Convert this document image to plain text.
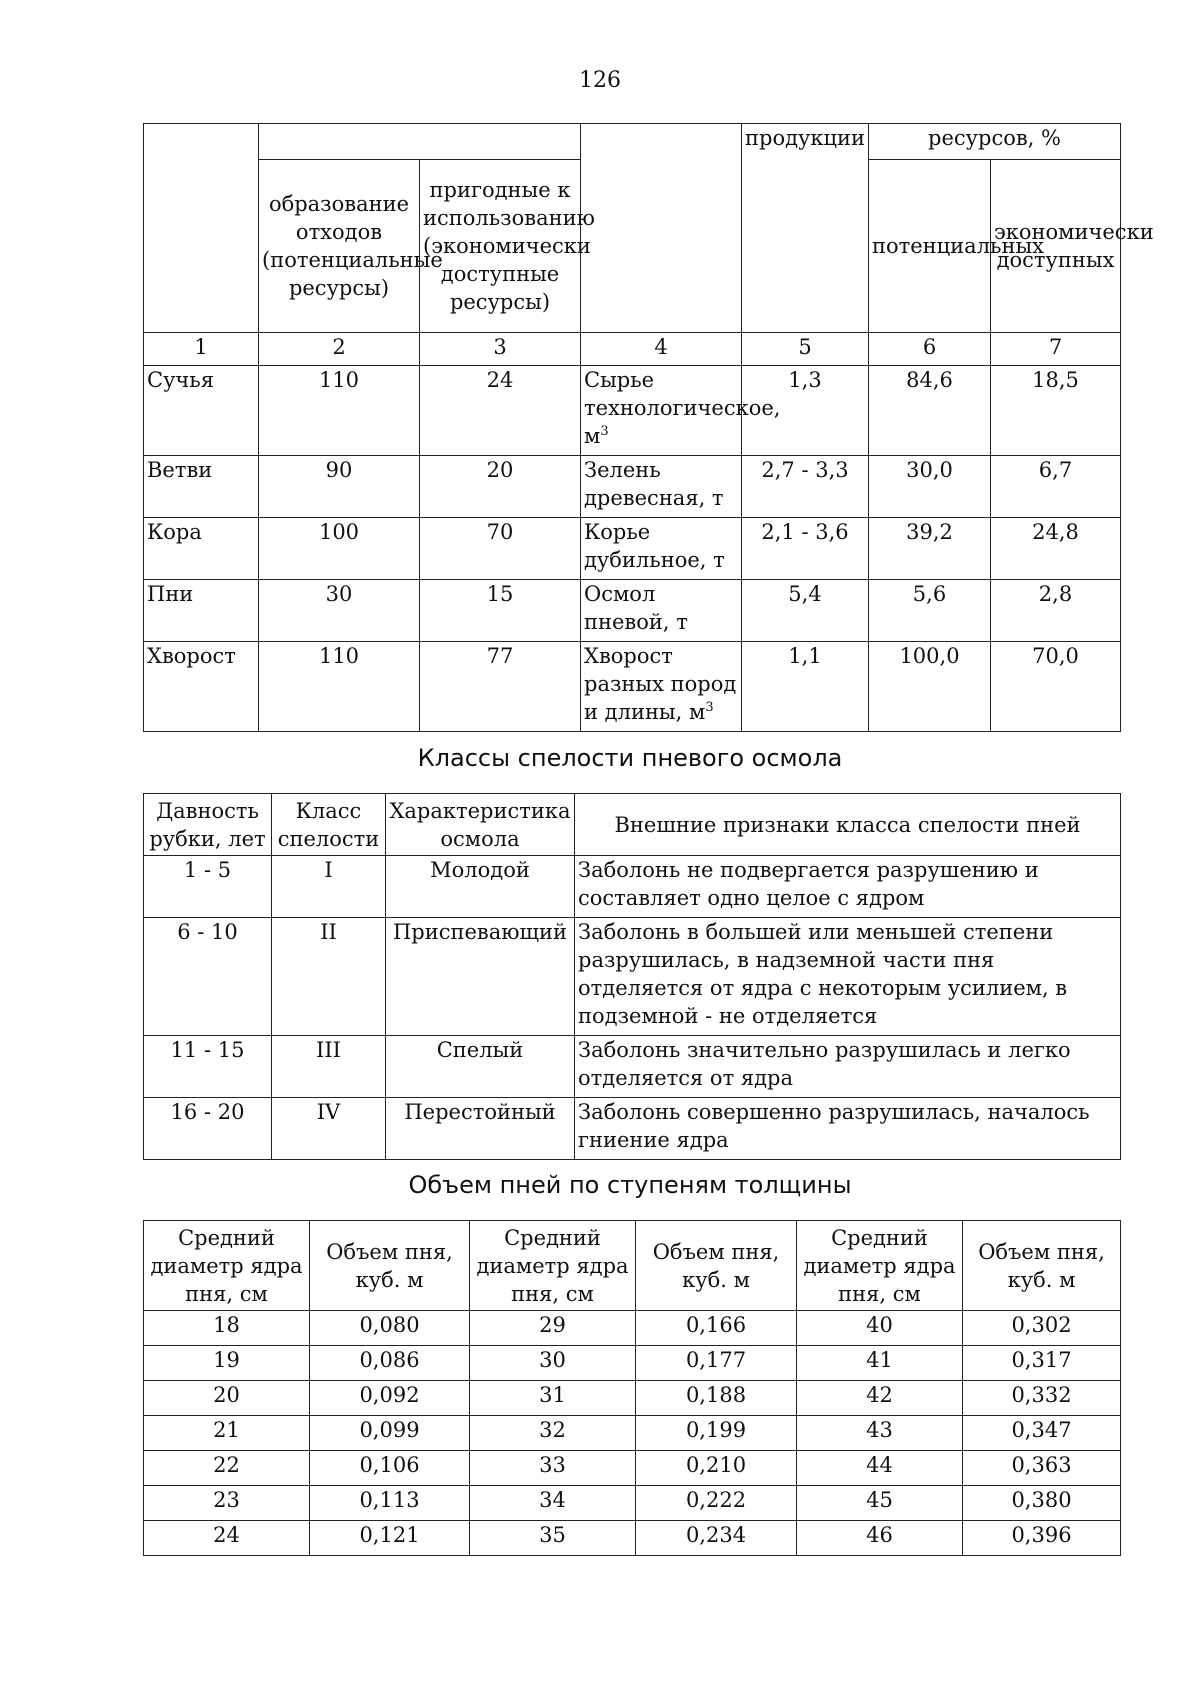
126
				продукции	ресурсов, %	
	образование отходов (потенциальные ресурсы)	пригодные к использованию (экономически доступные ресурсы)			потенциальных	экономически доступных
1	2	3	4	5	6	7
Сучья	110	24	Сырье технологическое, $м^3$	1,3	84,6	18,5
Ветви	90	20	Зелень древесная, т	2,7 - 3,3	30,0	6,7
Кора	100	70	Корье дубильное, т	2,1 - 3,6	39,2	24,8
Пни	30	15	Осмол пневой, т	5,4	5,6	2,8
Хворост	110	77	Хворост разных пород и длины, $м^3$	1,1	100,0	70,0
Классы спелости пневого осмола
Давность рубки, лет	Класс спелости	Характеристика осмола	Внешние признаки класса спелости пней
1 - 5	I	Молодой	Заболонь не подвергается разрушению и составляет одно целое с ядром
6 - 10	II	Приспевающий	Заболонь в большей или меньшей степени разрушилась, в надземной части пня отделяется от ядра с некоторым усилием, в подземной - не отделяется
11 - 15	III	Спелый	Заболонь значительно разрушилась и легко отделяется от ядра
16 - 20	IV	Перестойный	Заболонь совершенно разрушилась, началось гниение ядра
Объем пней по ступеням толщины
Средний диаметр ядра пня, см	Объем пня, куб. м	Средний диаметр ядра пня, см	Объем пня, куб. м	Средний диаметр ядра пня, см	Объем пня, куб. м
18	0,080	29	0,166	40	0,302
19	0,086	30	0,177	41	0,317
20	0,092	31	0,188	42	0,332
21	0,099	32	0,199	43	0,347
22	0,106	33	0,210	44	0,363
23	0,113	34	0,222	45	0,380
24	0,121	35	0,234	46	0,396
